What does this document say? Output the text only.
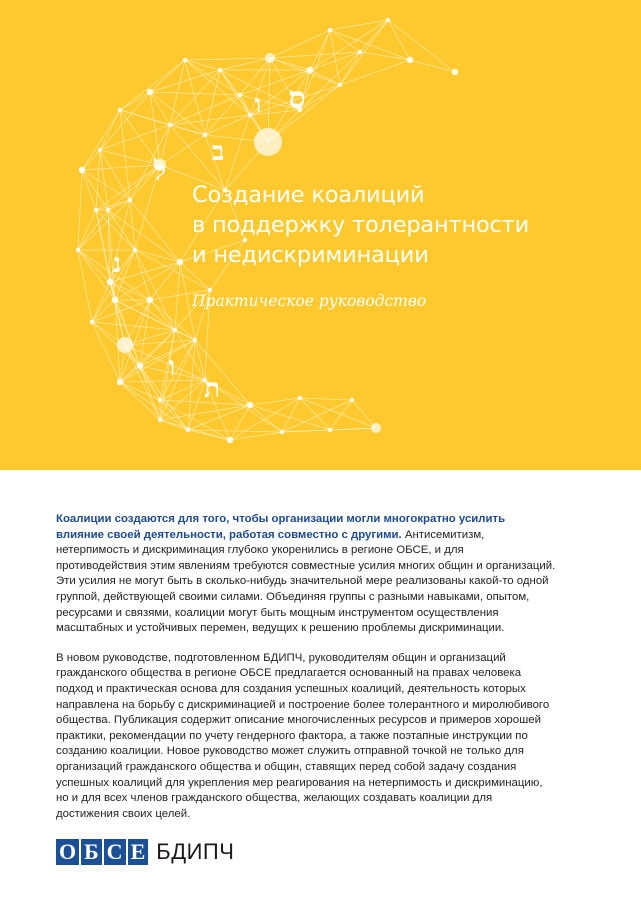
ס
ו
ב
ל
נ
ו
ת
Создание коалиций
в поддержку толерантности
и недискриминации
Практическое руководство

Коалиции создаются для того, чтобы организации могли многократно усилить влияние своей деятельности, работая совместно с другими. Антисемитизм, нетерпимость и дискриминация глубоко укоренились в регионе ОБСЕ, и для противодействия этим явлениям требуются совместные усилия многих общин и организаций. Эти усилия не могут быть в сколько-нибудь значительной мере реализованы какой-то одной группой, действующей своими силами. Объединяя группы с разными навыками, опытом, ресурсами и связями, коалиции могут быть мощным инструментом осуществления масштабных и устойчивых перемен, ведущих к решению проблемы дискриминации.

В новом руководстве, подготовленном БДИПЧ, руководителям общин и организаций гражданского общества в регионе ОБСЕ предлагается основанный на правах человека подход и практическая основа для создания успешных коалиций, деятельность которых направлена на борьбу с дискриминацией и построение более толерантного и миролюбивого общества. Публикация содержит описание многочисленных ресурсов и примеров хорошей практики, рекомендации по учету гендерного фактора, а также поэтапные инструкции по созданию коалиции. Новое руководство может служить отправной точкой не только для организаций гражданского общества и общин, ставящих перед собой задачу создания успешных коалиций для укрепления мер реагирования на нетерпимость и дискриминацию, но и для всех членов гражданского общества, желающих создавать коалиции для достижения своих целей.

О Б С Е БДИПЧ
